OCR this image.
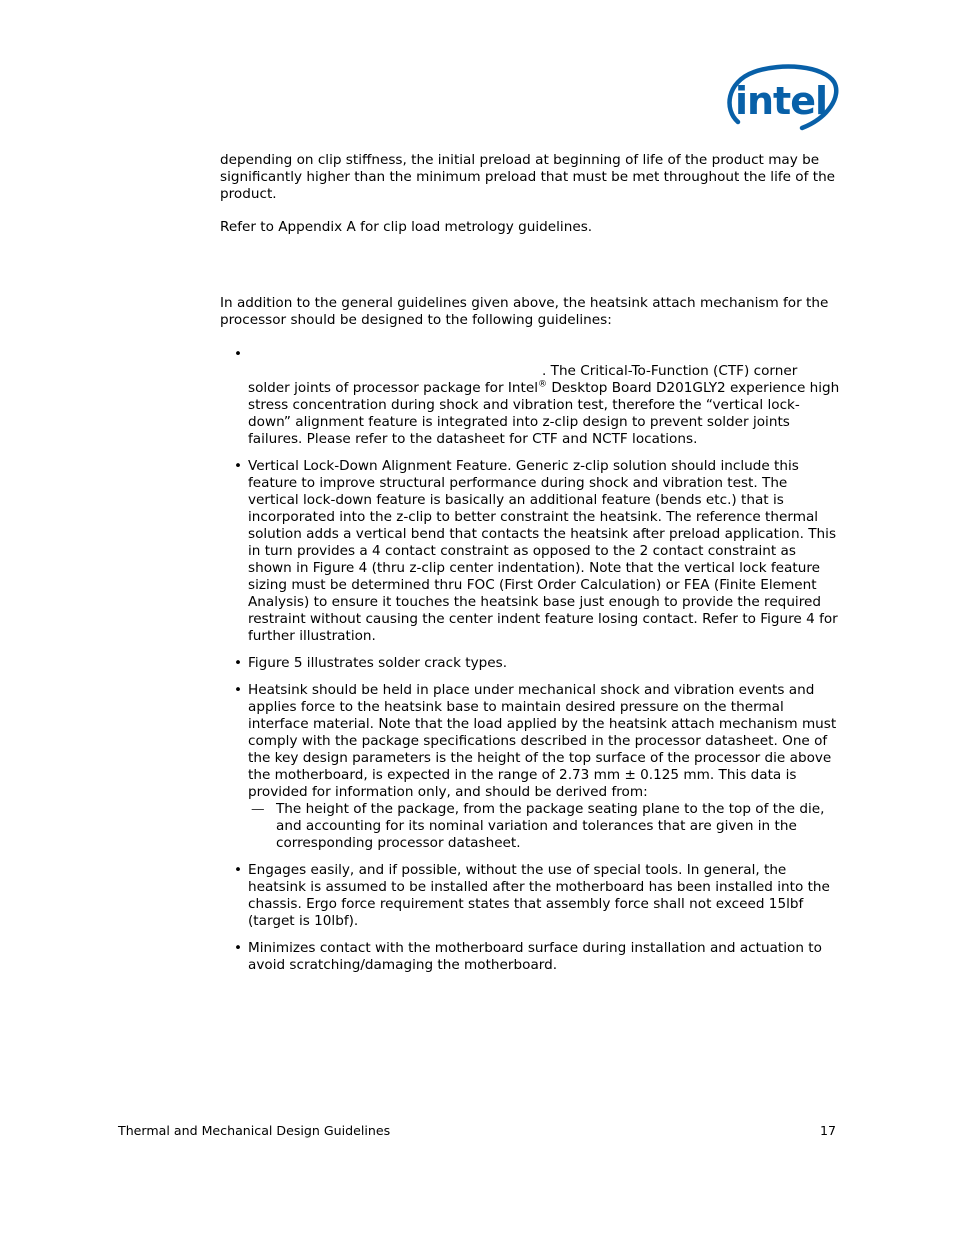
intel

depending on clip stiffness, the initial preload at beginning of life of the product may be significantly higher than the minimum preload that must be met throughout the life of the product.

Refer to Appendix A for clip load metrology guidelines.

In addition to the general guidelines given above, the heatsink attach mechanism for the processor should be designed to the following guidelines:

•
. The Critical-To-Function (CTF) corner
solder joints of processor package for Intel® Desktop Board D201GLY2 experience high stress concentration during shock and vibration test, therefore the “vertical lock-down” alignment feature is integrated into z-clip design to prevent solder joints failures. Please refer to the datasheet for CTF and NCTF locations.
• Vertical Lock-Down Alignment Feature. Generic z-clip solution should include this feature to improve structural performance during shock and vibration test. The vertical lock-down feature is basically an additional feature (bends etc.) that is incorporated into the z-clip to better constraint the heatsink. The reference thermal solution adds a vertical bend that contacts the heatsink after preload application. This in turn provides a 4 contact constraint as opposed to the 2 contact constraint as shown in Figure 4 (thru z-clip center indentation). Note that the vertical lock feature sizing must be determined thru FOC (First Order Calculation) or FEA (Finite Element Analysis) to ensure it touches the heatsink base just enough to provide the required restraint without causing the center indent feature losing contact. Refer to Figure 4 for further illustration.
• Figure 5 illustrates solder crack types.
• Heatsink should be held in place under mechanical shock and vibration events and applies force to the heatsink base to maintain desired pressure on the thermal interface material. Note that the load applied by the heatsink attach mechanism must comply with the package specifications described in the processor datasheet. One of the key design parameters is the height of the top surface of the processor die above the motherboard, is expected in the range of 2.73 mm ± 0.125 mm. This data is provided for information only, and should be derived from:
— The height of the package, from the package seating plane to the top of the die, and accounting for its nominal variation and tolerances that are given in the corresponding processor datasheet.
• Engages easily, and if possible, without the use of special tools. In general, the heatsink is assumed to be installed after the motherboard has been installed into the chassis. Ergo force requirement states that assembly force shall not exceed 15lbf (target is 10lbf).
• Minimizes contact with the motherboard surface during installation and actuation to avoid scratching/damaging the motherboard.
Thermal and Mechanical Design Guidelines	17
